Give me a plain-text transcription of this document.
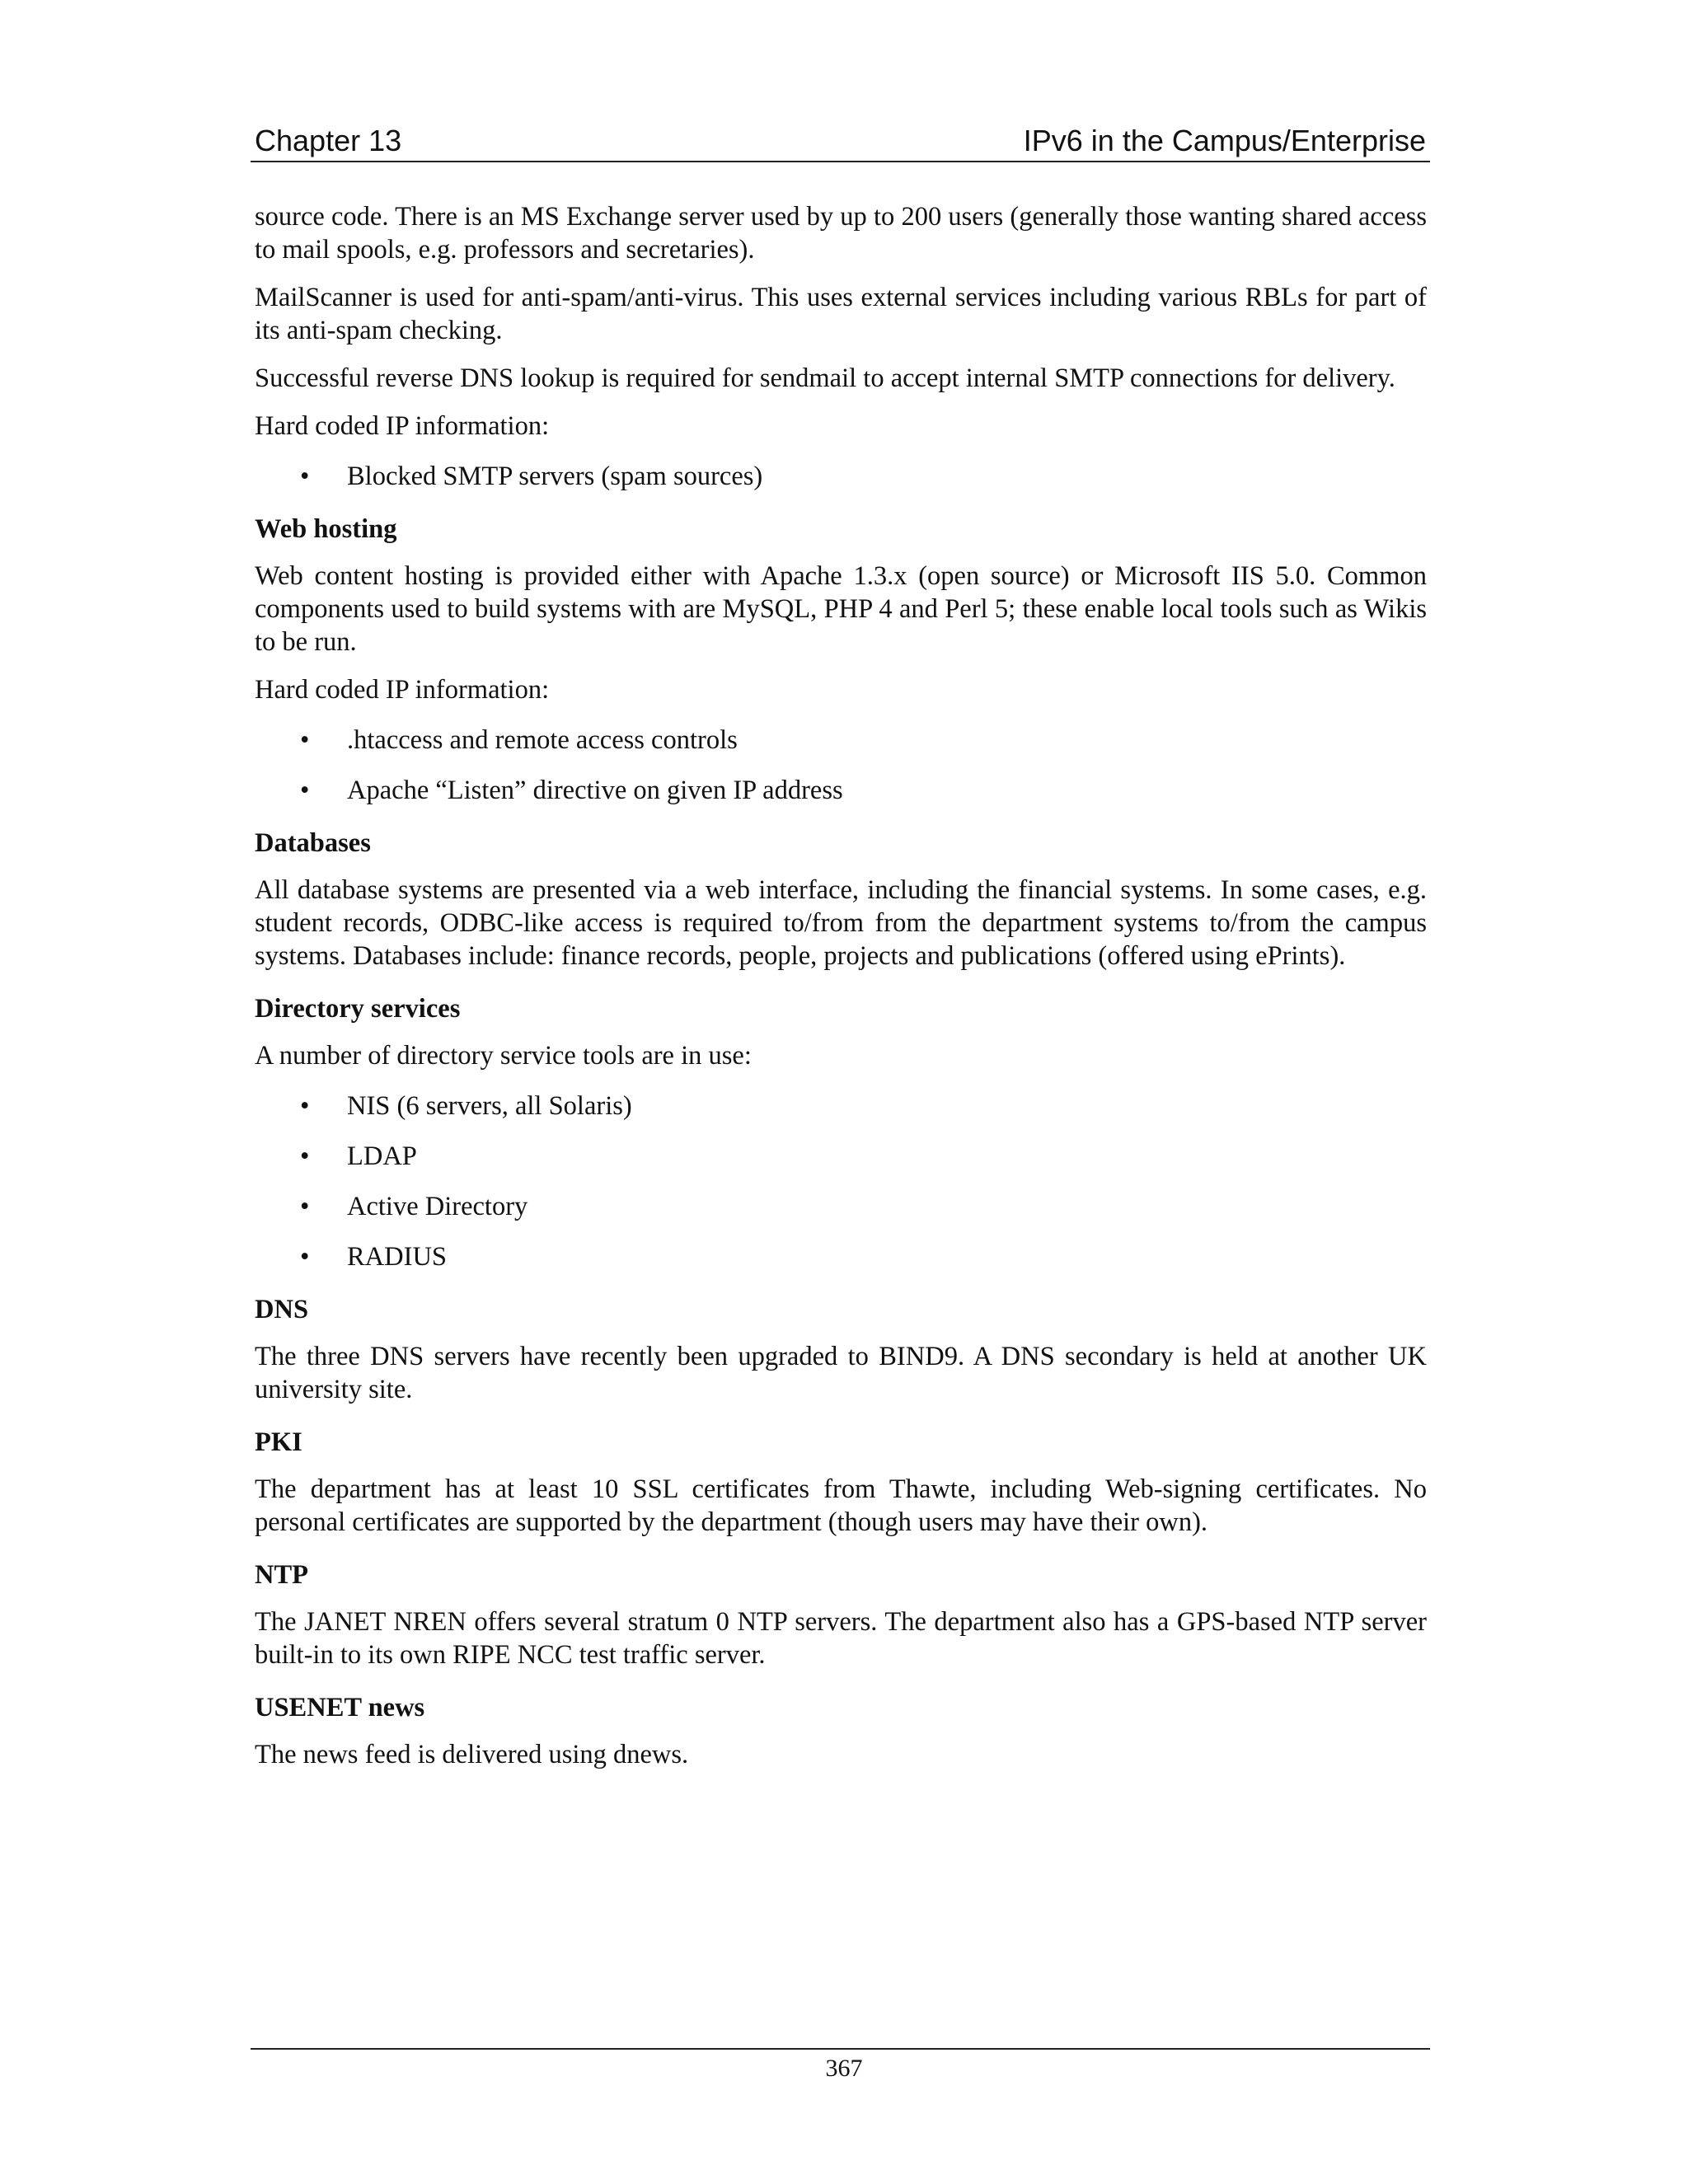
Chapter 13	IPv6 in the Campus/Enterprise

source code. There is an MS Exchange server used by up to 200 users (generally those wanting shared access to mail spools, e.g. professors and secretaries).

MailScanner is used for anti-spam/anti-virus. This uses external services including various RBLs for part of its anti-spam checking.

Successful reverse DNS lookup is required for sendmail to accept internal SMTP connections for delivery.

Hard coded IP information:

• Blocked SMTP servers (spam sources)
Web hosting

Web content hosting is provided either with Apache 1.3.x (open source) or Microsoft IIS 5.0. Common components used to build systems with are MySQL, PHP 4 and Perl 5; these enable local tools such as Wikis to be run.

Hard coded IP information:

• .htaccess and remote access controls
• Apache “Listen” directive on given IP address
Databases

All database systems are presented via a web interface, including the financial systems. In some cases, e.g. student records, ODBC-like access is required to/from from the department systems to/from the campus systems. Databases include: finance records, people, projects and publications (offered using ePrints).

Directory services

A number of directory service tools are in use:

• NIS (6 servers, all Solaris)
• LDAP
• Active Directory
• RADIUS
DNS

The three DNS servers have recently been upgraded to BIND9. A DNS secondary is held at another UK university site.

PKI

The department has at least 10 SSL certificates from Thawte, including Web-signing certificates. No personal certificates are supported by the department (though users may have their own).

NTP

The JANET NREN offers several stratum 0 NTP servers. The department also has a GPS-based NTP server built-in to its own RIPE NCC test traffic server.

USENET news

The news feed is delivered using dnews.

367
